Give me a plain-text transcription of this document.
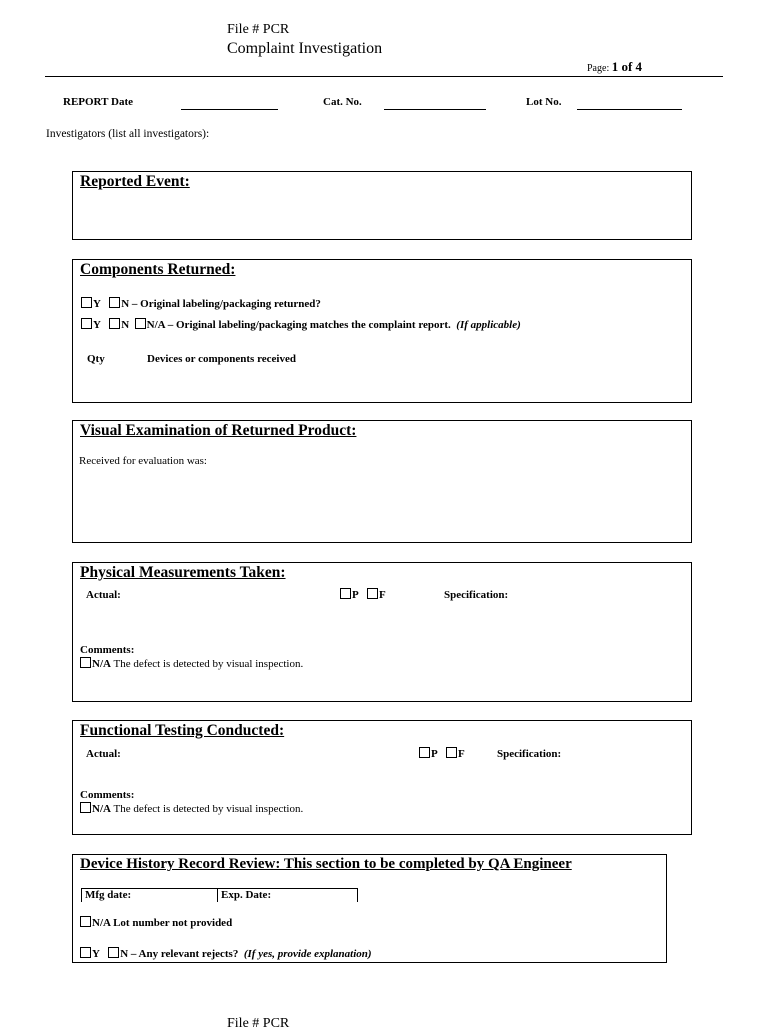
File # PCR
Complaint Investigation
Page: 1 of 4
REPORT Date	Cat. No.	Lot No.
Investigators (list all investigators):
Reported Event:
Components Returned:
Y N – Original labeling/packaging returned?
Y N N/A – Original labeling/packaging matches the complaint report. (If applicable)
Qty	Devices or components received
Visual Examination of Returned Product:
Received for evaluation was:
Physical Measurements Taken:
Actual:	P F	Specification:
Comments:
N/A The defect is detected by visual inspection.
Functional Testing Conducted:
Actual:	P F	Specification:
Comments:
N/A The defect is detected by visual inspection.
Device History Record Review: This section to be completed by QA Engineer
Mfg date:	Exp. Date:
N/A Lot number not provided
Y N – Any relevant rejects? (If yes, provide explanation)
File # PCR
